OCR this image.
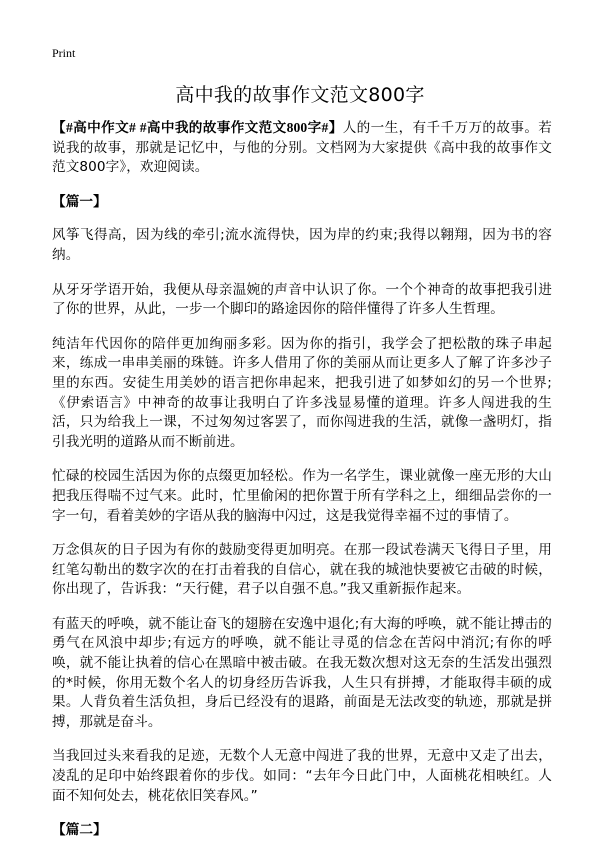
Print
高中我的故事作文范文800字

【#高中作文# #高中我的故事作文范文800字#】人的一生，有千千万万的故事。若说我的故事，那就是记忆中，与他的分别。文档网为大家提供《高中我的故事作文范文800字》，欢迎阅读。

【篇一】

风筝飞得高，因为线的牵引;流水流得快，因为岸的约束;我得以翱翔，因为书的容纳。

从牙牙学语开始，我便从母亲温婉的声音中认识了你。一个个神奇的故事把我引进了你的世界，从此，一步一个脚印的路途因你的陪伴懂得了许多人生哲理。

纯洁年代因你的陪伴更加绚丽多彩。因为你的指引，我学会了把松散的珠子串起来，练成一串串美丽的珠链。许多人借用了你的美丽从而让更多人了解了许多沙子里的东西。安徒生用美妙的语言把你串起来，把我引进了如梦如幻的另一个世界;《伊索语言》中神奇的故事让我明白了许多浅显易懂的道理。许多人闯进我的生活，只为给我上一课，不过匆匆过客罢了，而你闯进我的生活，就像一盏明灯，指引我光明的道路从而不断前进。

忙碌的校园生活因为你的点缀更加轻松。作为一名学生，课业就像一座无形的大山把我压得喘不过气来。此时，忙里偷闲的把你置于所有学科之上，细细品尝你的一字一句，看着美妙的字语从我的脑海中闪过，这是我觉得幸福不过的事情了。

万念俱灰的日子因为有你的鼓励变得更加明亮。在那一段试卷满天飞得日子里，用红笔勾勒出的数字次的在打击着我的自信心，就在我的城池快要被它击破的时候，你出现了，告诉我：“天行健，君子以自强不息。”我又重新振作起来。

有蓝天的呼唤，就不能让奋飞的翅膀在安逸中退化;有大海的呼唤，就不能让搏击的勇气在风浪中却步;有远方的呼唤，就不能让寻觅的信念在苦闷中消沉;有你的呼唤，就不能让执着的信心在黑暗中被击破。在我无数次想对这无奈的生活发出强烈的*时候，你用无数个名人的切身经历告诉我，人生只有拼搏，才能取得丰硕的成果。人背负着生活负担，身后已经没有的退路，前面是无法改变的轨迹，那就是拼搏，那就是奋斗。

当我回过头来看我的足迹，无数个人无意中闯进了我的世界，无意中又走了出去，凌乱的足印中始终跟着你的步伐。如同：“去年今日此门中，人面桃花相映红。人面不知何处去，桃花依旧笑春风。”

【篇二】
